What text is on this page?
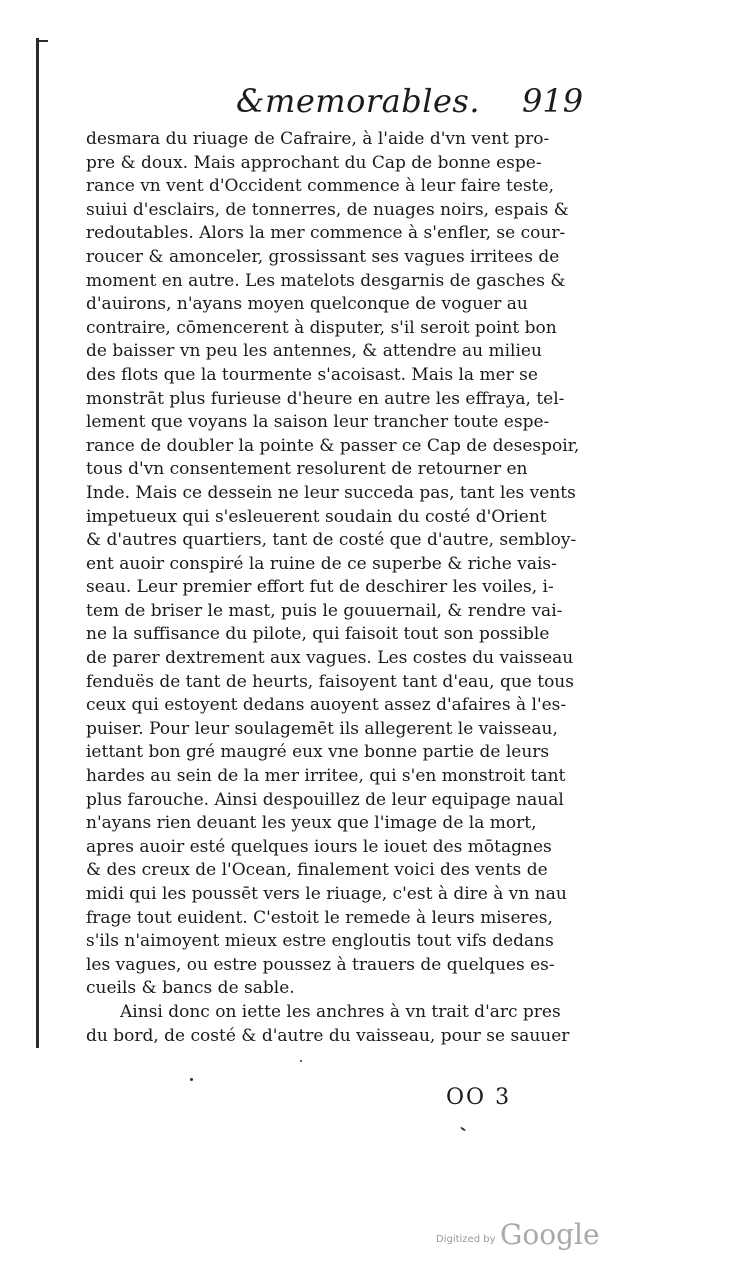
&memorables. 919
desmara du riuage de Cafraire, à l'aide d'vn vent pro-
pre & doux. Mais approchant du Cap de bonne espe-
rance vn vent d'Occident commence à leur faire teste,
suiui d'esclairs, de tonnerres, de nuages noirs, espais &
redoutables. Alors la mer commence à s'enfler, se cour-
roucer & amonceler, grossissant ses vagues irritees de
moment en autre. Les matelots desgarnis de gasches &
d'auirons, n'ayans moyen quelconque de voguer au
contraire, cōmencerent à disputer, s'il seroit point bon
de baisser vn peu les antennes, & attendre au milieu
des flots que la tourmente s'acoisast. Mais la mer se
monstrāt plus furieuse d'heure en autre les effraya, tel-
lement que voyans la saison leur trancher toute espe-
rance de doubler la pointe & passer ce Cap de desespoir,
tous d'vn consentement resolurent de retourner en
Inde. Mais ce dessein ne leur succeda pas, tant les vents
impetueux qui s'esleuerent soudain du costé d'Orient
& d'autres quartiers, tant de costé que d'autre, sembloy-
ent auoir conspiré la ruine de ce superbe & riche vais-
seau. Leur premier effort fut de deschirer les voiles, i-
tem de briser le mast, puis le gouuernail, & rendre vai-
ne la suffisance du pilote, qui faisoit tout son possible
de parer dextrement aux vagues. Les costes du vaisseau
fenduës de tant de heurts, faisoyent tant d'eau, que tous
ceux qui estoyent dedans auoyent assez d'afaires à l'es-
puiser. Pour leur soulagemēt ils allegerent le vaisseau,
iettant bon gré maugré eux vne bonne partie de leurs
hardes au sein de la mer irritee, qui s'en monstroit tant
plus farouche. Ainsi despouillez de leur equipage naual
n'ayans rien deuant les yeux que l'image de la mort,
apres auoir esté quelques iours le iouet des mōtagnes
& des creux de l'Ocean, finalement voici des vents de
midi qui les poussēt vers le riuage, c'est à dire à vn nau
frage tout euident. C'estoit le remede à leurs miseres,
s'ils n'aimoyent mieux estre engloutis tout vifs dedans
les vagues, ou estre poussez à trauers de quelques es-
cueils & bancs de sable.
Ainsi donc on iette les anchres à vn trait d'arc pres
du bord, de costé & d'autre du vaisseau, pour se sauuer
OO 3
Digitized by Google
